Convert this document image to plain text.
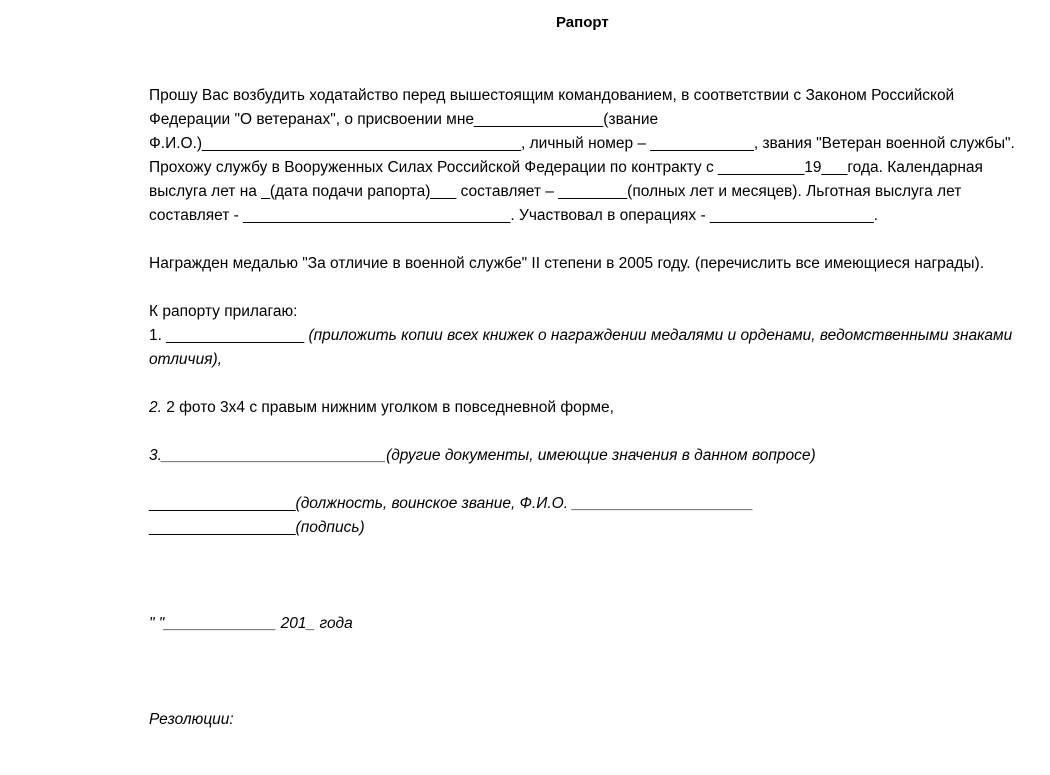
Рапорт
Прошу Вас возбудить ходатайство перед вышестоящим командованием, в соответствии с Законом Российской
Федерации "О ветеранах", о присвоении мне_______________(звание
Ф.И.О.)_____________________________________, личный номер – ____________, звания "Ветеран военной службы".
Прохожу службу в Вооруженных Силах Российской Федерации по контракту с __________19___года. Календарная
выслуга лет на _(дата подачи рапорта)___ составляет – ________(полных лет и месяцев). Льготная выслуга лет
составляет - _______________________________. Участвовал в операциях - ___________________.
Награжден медалью "За отличие в военной службе" II степени в 2005 году. (перечислить все имеющиеся награды).
К рапорту прилагаю:
1. ________________ (приложить копии всех книжек о награждении медалями и орденами, ведомственными знаками
отличия),
2. 2 фото 3х4 с правым нижним уголком в повседневной форме,
3.__________________________(другие документы, имеющие значения в данном вопросе)
_________________(должность, воинское звание, Ф.И.О. _____________________
_________________(подпись)
" "_____________ 201_ года
Резолюции:
